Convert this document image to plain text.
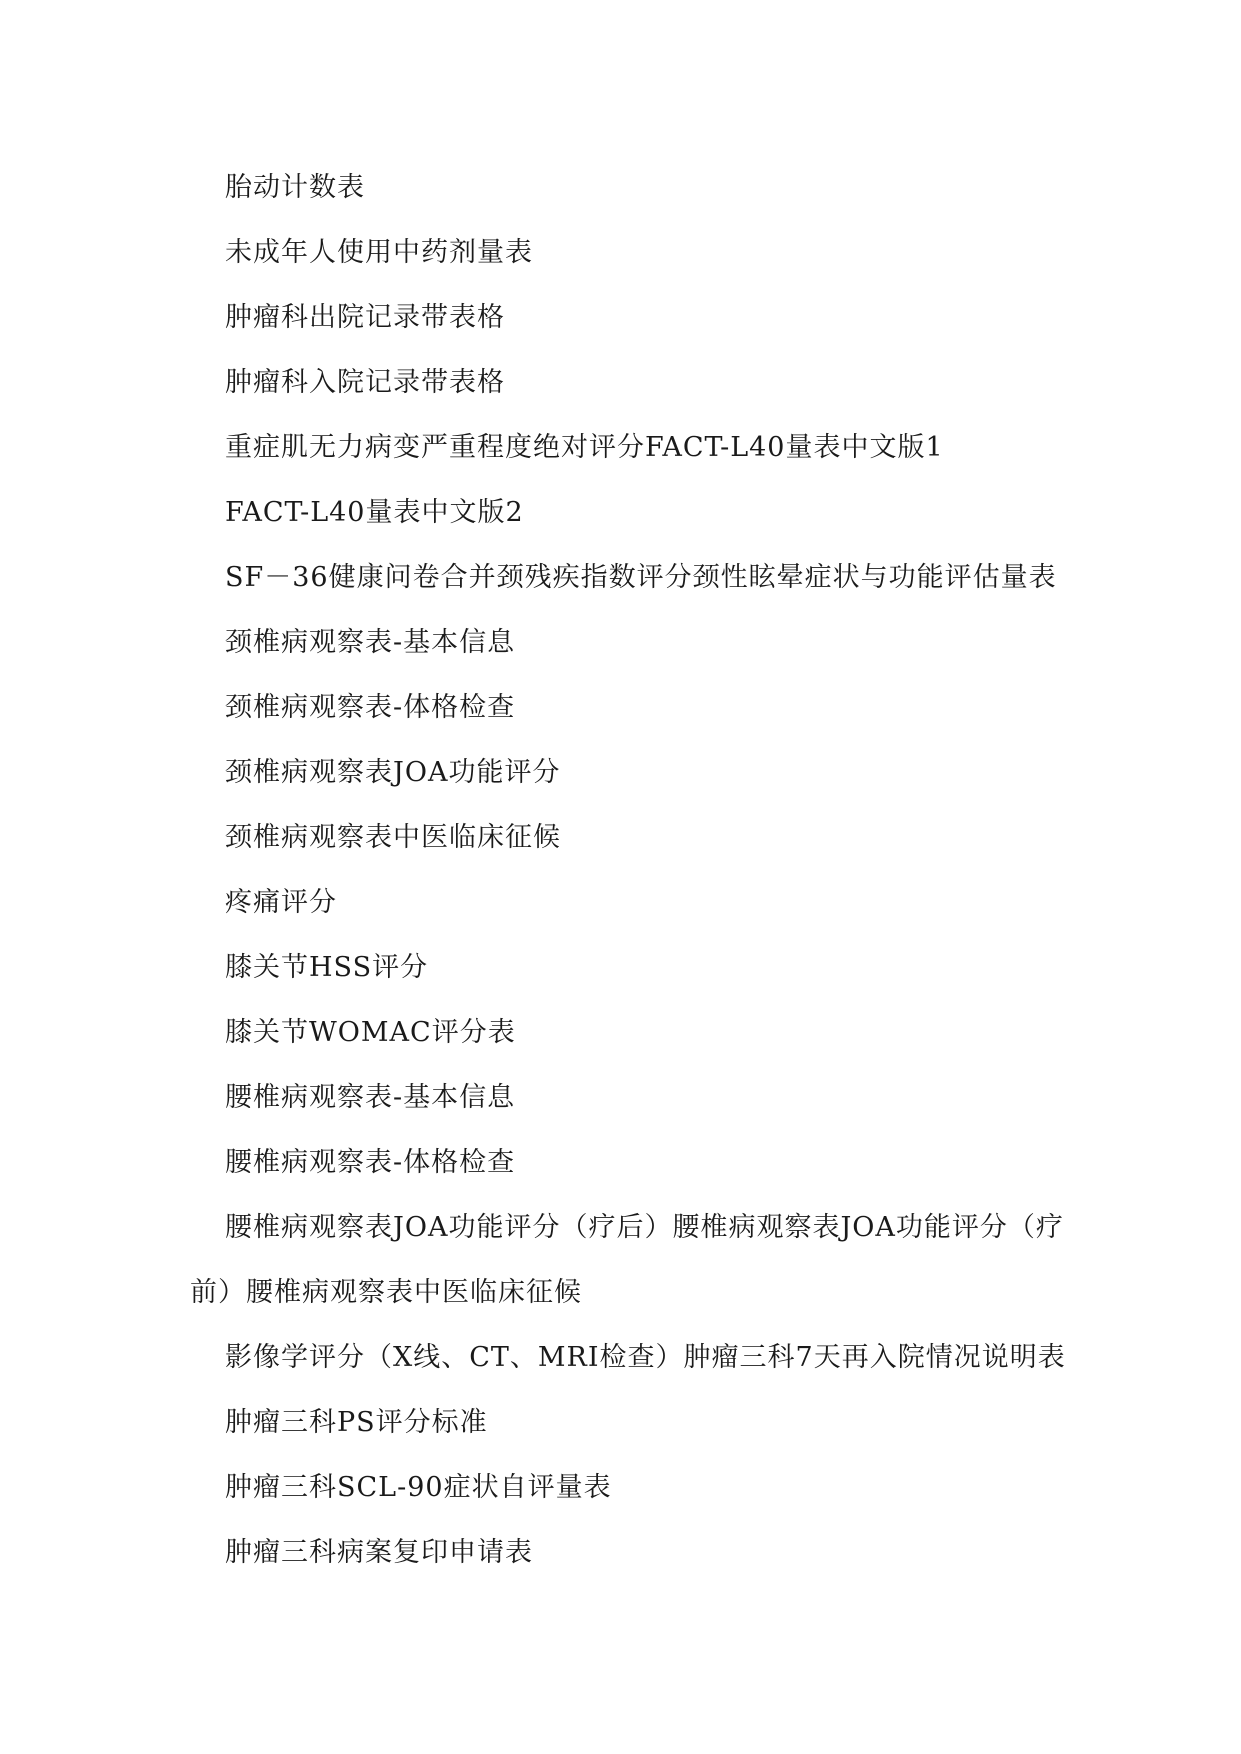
胎动计数表
未成年人使用中药剂量表
肿瘤科出院记录带表格
肿瘤科入院记录带表格
重症肌无力病变严重程度绝对评分FACT-L40量表中文版1
FACT-L40量表中文版2
SF－36健康问卷合并颈残疾指数评分颈性眩晕症状与功能评估量表
颈椎病观察表-基本信息
颈椎病观察表-体格检查
颈椎病观察表JOA功能评分
颈椎病观察表中医临床征候
疼痛评分
膝关节HSS评分
膝关节WOMAC评分表
腰椎病观察表-基本信息
腰椎病观察表-体格检查
腰椎病观察表JOA功能评分（疗后）腰椎病观察表JOA功能评分（疗
前）腰椎病观察表中医临床征候
影像学评分（X线、CT、MRI检查）肿瘤三科7天再入院情况说明表
肿瘤三科PS评分标准
肿瘤三科SCL-90症状自评量表
肿瘤三科病案复印申请表
